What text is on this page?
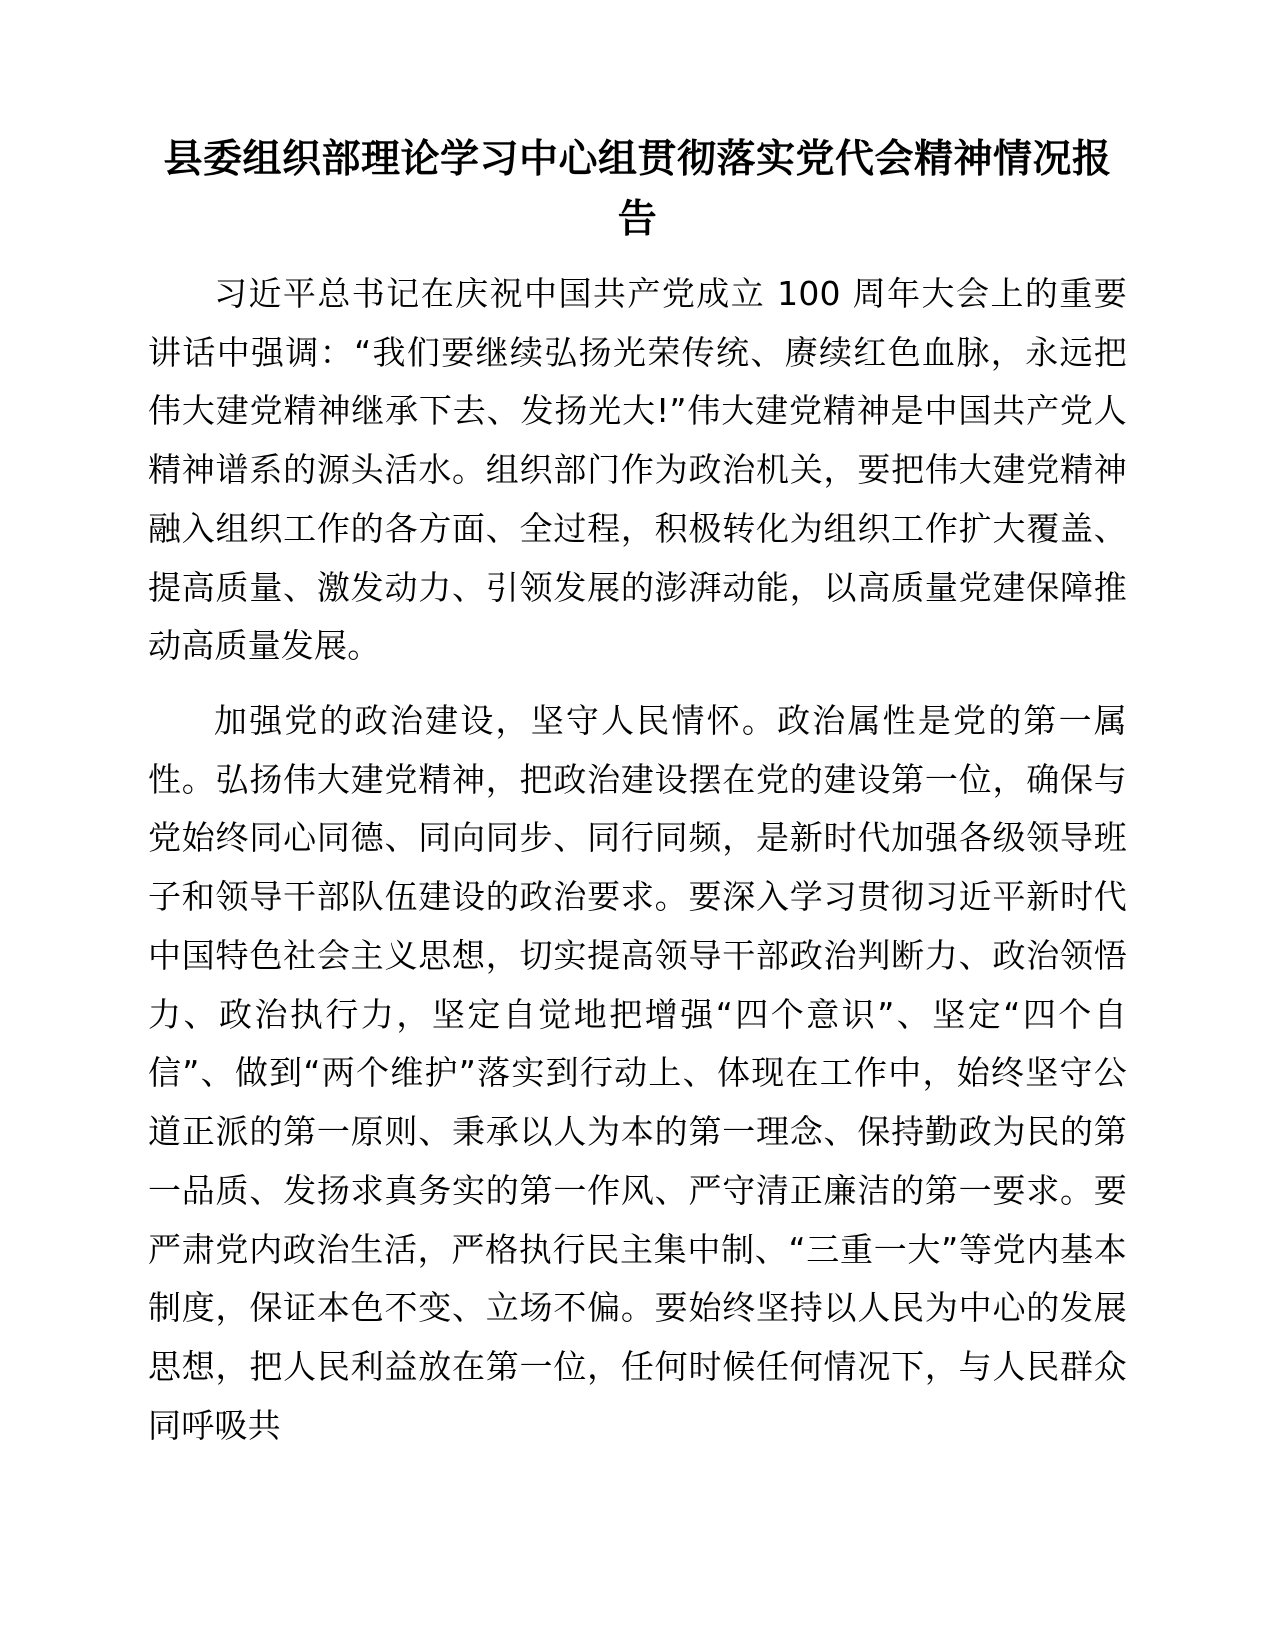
县委组织部理论学习中心组贯彻落实党代会精神情况报告

习近平总书记在庆祝中国共产党成立 100 周年大会上的重要讲话中强调：“我们要继续弘扬光荣传统、赓续红色血脉，永远把伟大建党精神继承下去、发扬光大!”伟大建党精神是中国共产党人精神谱系的源头活水。组织部门作为政治机关，要把伟大建党精神融入组织工作的各方面、全过程，积极转化为组织工作扩大覆盖、提高质量、激发动力、引领发展的澎湃动能，以高质量党建保障推动高质量发展。

加强党的政治建设，坚守人民情怀。政治属性是党的第一属性。弘扬伟大建党精神，把政治建设摆在党的建设第一位，确保与党始终同心同德、同向同步、同行同频，是新时代加强各级领导班子和领导干部队伍建设的政治要求。要深入学习贯彻习近平新时代中国特色社会主义思想，切实提高领导干部政治判断力、政治领悟力、政治执行力，坚定自觉地把增强“四个意识”、坚定“四个自信”、做到“两个维护”落实到行动上、体现在工作中，始终坚守公道正派的第一原则、秉承以人为本的第一理念、保持勤政为民的第一品质、发扬求真务实的第一作风、严守清正廉洁的第一要求。要严肃党内政治生活，严格执行民主集中制、“三重一大”等党内基本制度，保证本色不变、立场不偏。要始终坚持以人民为中心的发展思想，把人民利益放在第一位，任何时候任何情况下，与人民群众同呼吸共
